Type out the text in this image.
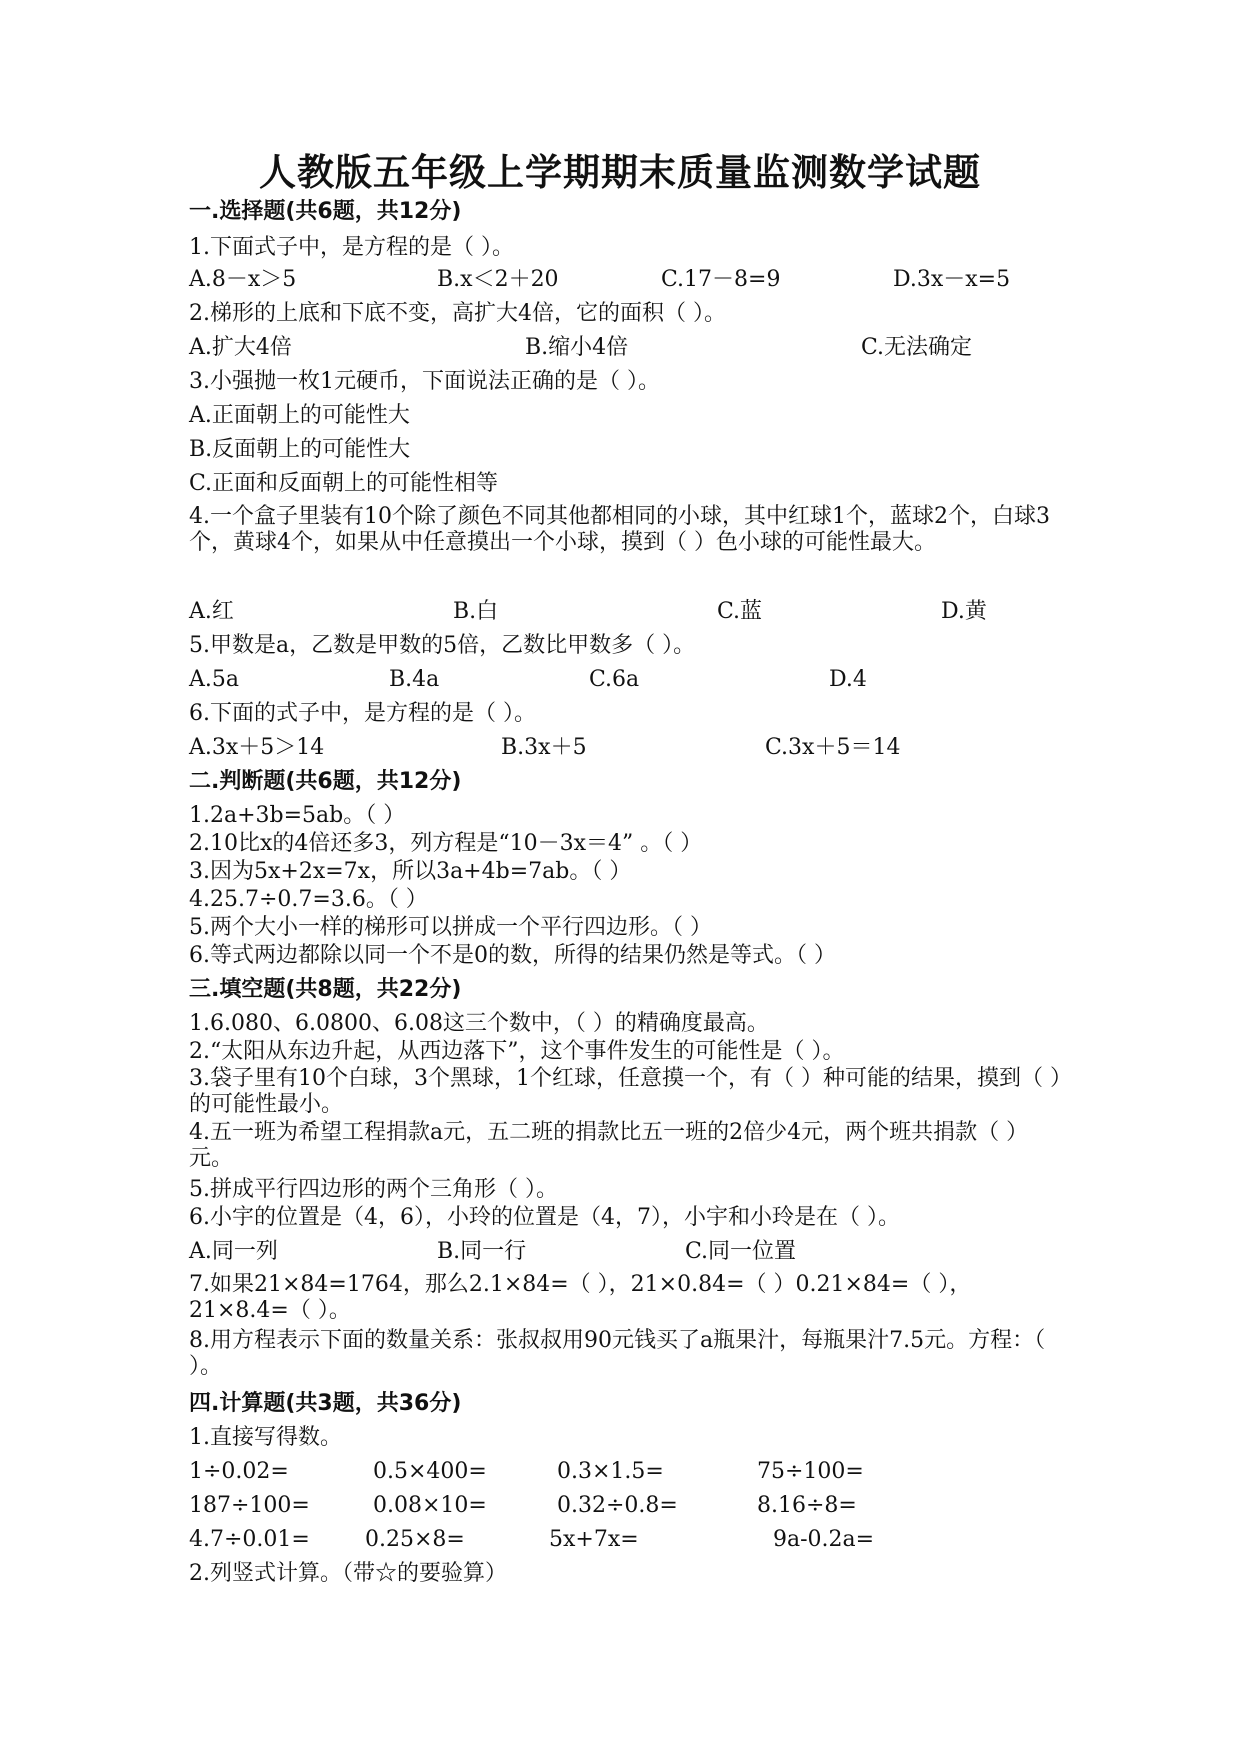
人教版五年级上学期期末质量监测数学试题
一.选择题(共6题，共12分)
1.下面式子中，是方程的是（ ）。
A.8－x＞5	B.x＜2＋20	C.17－8=9	D.3x－x=5
2.梯形的上底和下底不变，高扩大4倍，它的面积（ ）。
A.扩大4倍	B.缩小4倍	C.无法确定
3.小强抛一枚1元硬币，下面说法正确的是（ ）。
A.正面朝上的可能性大
B.反面朝上的可能性大
C.正面和反面朝上的可能性相等
4.一个盒子里装有10个除了颜色不同其他都相同的小球，其中红球1个，蓝球2个，白球3个，黄球4个，如果从中任意摸出一个小球，摸到（ ）色小球的可能性最大。
A.红	B.白	C.蓝	D.黄
5.甲数是a，乙数是甲数的5倍，乙数比甲数多（ ）。
A.5a	B.4a	C.6a	D.4
6.下面的式子中，是方程的是（ ）。
A.3x＋5＞14	B.3x＋5	C.3x＋5＝14
二.判断题(共6题，共12分)
1.2a+3b=5ab。（ ）
2.10比x的4倍还多3，列方程是“10－3x＝4” 。（ ）
3.因为5x+2x=7x，所以3a+4b=7ab。（ ）
4.25.7÷0.7=3.6。（ ）
5.两个大小一样的梯形可以拼成一个平行四边形。（ ）
6.等式两边都除以同一个不是0的数，所得的结果仍然是等式。（ ）
三.填空题(共8题，共22分)
1.6.080、6.0800、6.08这三个数中，（ ）的精确度最高。
2.“太阳从东边升起，从西边落下”，这个事件发生的可能性是（ ）。
3.袋子里有10个白球，3个黑球，1个红球，任意摸一个，有（ ）种可能的结果，摸到（ ）的可能性最小。
4.五一班为希望工程捐款a元，五二班的捐款比五一班的2倍少4元，两个班共捐款（ ）元。
5.拼成平行四边形的两个三角形（ ）。
6.小宇的位置是（4，6），小玲的位置是（4，7），小宇和小玲是在（ ）。
A.同一列	B.同一行	C.同一位置
7.如果21×84=1764，那么2.1×84=（ ），21×0.84=（ ）0.21×84=（ ），21×8.4=（ ）。
8.用方程表示下面的数量关系：张叔叔用90元钱买了a瓶果汁，每瓶果汁7.5元。方程：（ ）。
四.计算题(共3题，共36分)
1.直接写得数。
1÷0.02=	0.5×400=	0.3×1.5=	75÷100=
187÷100=	0.08×10=	0.32÷0.8=	8.16÷8=
4.7÷0.01=	0.25×8=	5x+7x=	9a-0.2a=
2.列竖式计算。（带☆的要验算）
